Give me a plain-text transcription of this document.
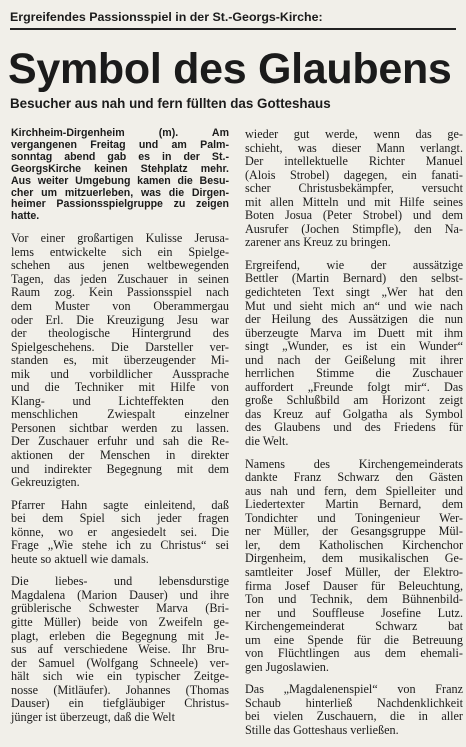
Ergreifendes Passionsspiel in der St.-Georgs-Kirche:
Symbol des Glaubens
Besucher aus nah und fern füllten das Gotteshaus
Kirchheim-Dirgenheim (m). Am
vergangenen Freitag und am Palm-
sonntag abend gab es in der St.-
GeorgsKirche keinen Stehplatz mehr.
Aus weiter Umgebung kamen die Besu-
cher um mitzuerleben, was die Dirgen-
heimer Passionsspielgruppe zu zeigen
hatte.
Vor einer großartigen Kulisse Jerusa-
lems entwickelte sich ein Spielge-
schehen aus jenen weltbewegenden
Tagen, das jeden Zuschauer in seinen
Raum zog. Kein Passionsspiel nach
dem Muster von Oberammergau
oder Erl. Die Kreuzigung Jesu war
der theologische Hintergrund des
Spielgeschehens. Die Darsteller ver-
standen es, mit überzeugender Mi-
mik und vorbildlicher Aussprache
und die Techniker mit Hilfe von
Klang- und Lichteffekten den
menschlichen Zwiespalt einzelner
Personen sichtbar werden zu lassen.
Der Zuschauer erfuhr und sah die Re-
aktionen der Menschen in direkter
und indirekter Begegnung mit dem
Gekreuzigten.
Pfarrer Hahn sagte einleitend, daß
bei dem Spiel sich jeder fragen
könne, wo er angesiedelt sei. Die
Frage „Wie stehe ich zu Christus“ sei
heute so aktuell wie damals.
Die liebes- und lebensdurstige
Magdalena (Marion Dauser) und ihre
grüblerische Schwester Marva (Bri-
gitte Müller) beide von Zweifeln ge-
plagt, erleben die Begegnung mit Je-
sus auf verschiedene Weise. Ihr Bru-
der Samuel (Wolfgang Schneele) ver-
hält sich wie ein typischer Zeitge-
nosse (Mitläufer). Johannes (Thomas
Dauser) ein tiefgläubiger Christus-
jünger ist überzeugt, daß die Welt
wieder gut werde, wenn das ge-
schieht, was dieser Mann verlangt.
Der intellektuelle Richter Manuel
(Alois Strobel) dagegen, ein fanati-
scher Christusbekämpfer, versucht
mit allen Mitteln und mit Hilfe seines
Boten Josua (Peter Strobel) und dem
Ausrufer (Jochen Stimpfle), den Na-
zarener ans Kreuz zu bringen.
Ergreifend, wie der aussätzige
Bettler (Martin Bernard) den selbst-
gedichteten Text singt „Wer hat den
Mut und sieht mich an“ und wie nach
der Heilung des Aussätzigen die nun
überzeugte Marva im Duett mit ihm
singt „Wunder, es ist ein Wunder“
und nach der Geißelung mit ihrer
herrlichen Stimme die Zuschauer
auffordert „Freunde folgt mir“. Das
große Schlußbild am Horizont zeigt
das Kreuz auf Golgatha als Symbol
des Glaubens und des Friedens für
die Welt.
Namens des Kirchengemeinderats
dankte Franz Schwarz den Gästen
aus nah und fern, dem Spielleiter und
Liedertexter Martin Bernard, dem
Tondichter und Toningenieur Wer-
ner Müller, der Gesangsgruppe Mül-
ler, dem Katholischen Kirchenchor
Dirgenheim, dem musikalischen Ge-
samtleiter Josef Müller, der Elektro-
firma Josef Dauser für Beleuchtung,
Ton und Technik, dem Bühnenbild-
ner und Souffleuse Josefine Lutz.
Kirchengemeinderat Schwarz bat
um eine Spende für die Betreuung
von Flüchtlingen aus dem ehemali-
gen Jugoslawien.
Das „Magdalenenspiel“ von Franz
Schaub hinterließ Nachdenklichkeit
bei vielen Zuschauern, die in aller
Stille das Gotteshaus verließen.
